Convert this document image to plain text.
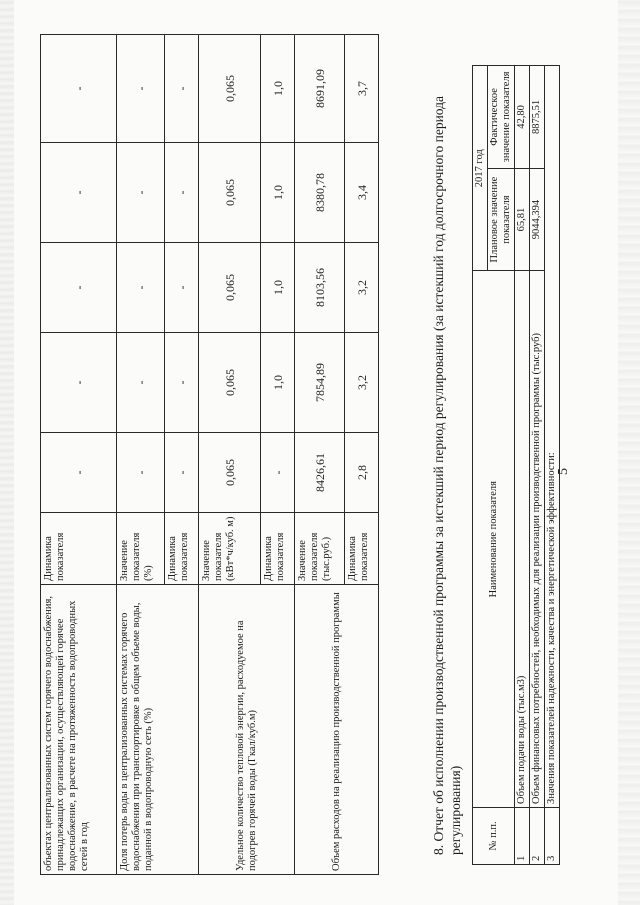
5
объектах централизованных систем горячего водоснабжения, принадлежащих организации, осуществляющей горячее водоснабжение, в расчете на протяженность водопроводных сетей в год	Динамика показателя	-	-	-	-	-
Доля потерь воды в централизованных системах горячего водоснабжения при транспортировке в общем объеме воды, поданной в водопроводную сеть (%)	Значение показателя (%)	-	-	-	-	-
	Динамика показателя	-	-	-	-	-
Удельное количество тепловой энергии, расходуемое на подогрев горячей воды (Гкал/куб.м)	Значение показателя (кВт*ч/куб. м)	0,065	0,065	0,065	0,065	0,065
	Динамика показателя	-	1,0	1,0	1,0	1,0
Объем расходов на реализацию производственной программы	Значение показателя (тыс.руб.)	8426,61	7854,89	8103,56	8380,78	8691,09
	Динамика показателя	2,8	3,2	3,2	3,4	3,7
8. Отчет об исполнении производственной программы за истекший период регулирования (за истекший год долгосрочного периода регулирования) № п.п.	Наименование показателя	2017 год	
		Плановое значение показателя	Фактическое значение показателя
1	Объем подачи воды (тыс.м3)	65,81	42,80
2	Объем финансовых потребностей, необходимых для реализации производственной программы (тыс.руб)	9044,394	8875,51
3	Значения показателей надежности, качества и энергетической эффективности:		
